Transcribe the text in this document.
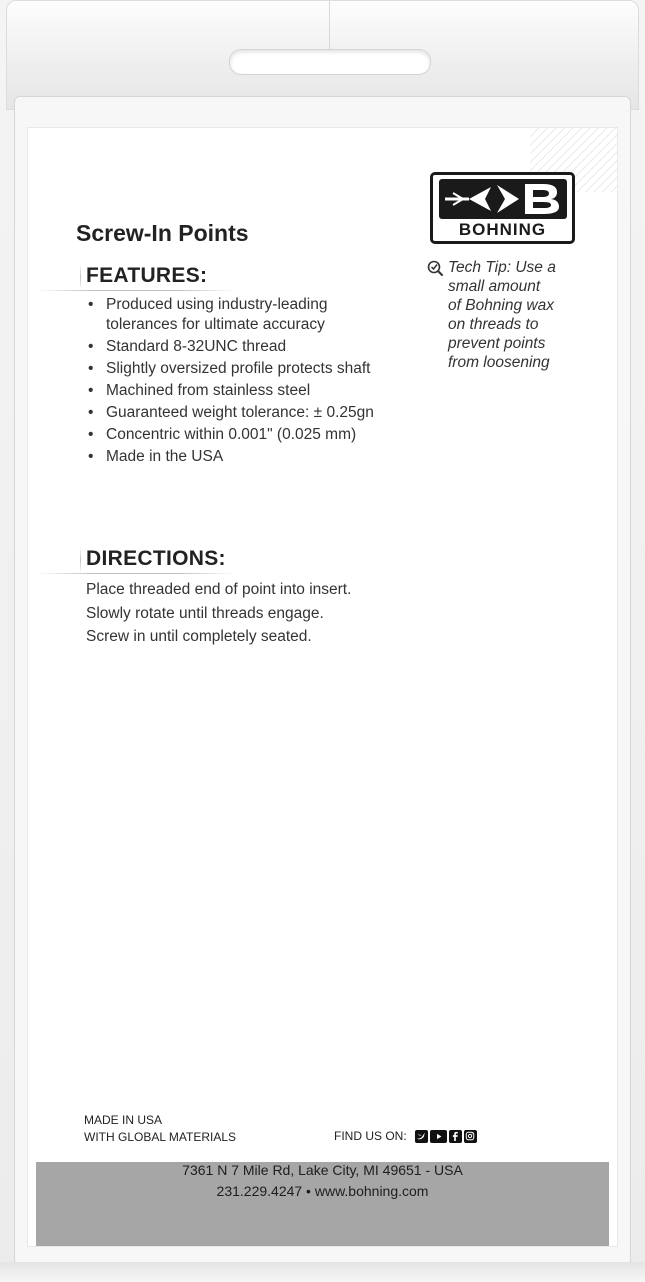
BOHNING
Tech Tip: Use a
small amount
of Bohning wax
on threads to
prevent points
from loosening
Screw-In Points
FEATURES:
• Produced using industry-leading tolerances for ultimate accuracy
• Standard 8-32UNC thread
• Slightly oversized profile protects shaft
• Machined from stainless steel
• Guaranteed weight tolerance: ± 0.25gn
• Concentric within 0.001" (0.025 mm)
• Made in the USA
DIRECTIONS:
Place threaded end of point into insert.
Slowly rotate until threads engage.
Screw in until completely seated.
MADE IN USA
WITH GLOBAL MATERIALS	FIND US ON:
7361 N 7 Mile Rd, Lake City, MI 49651 - USA
231.229.4247 • www.bohning.com
